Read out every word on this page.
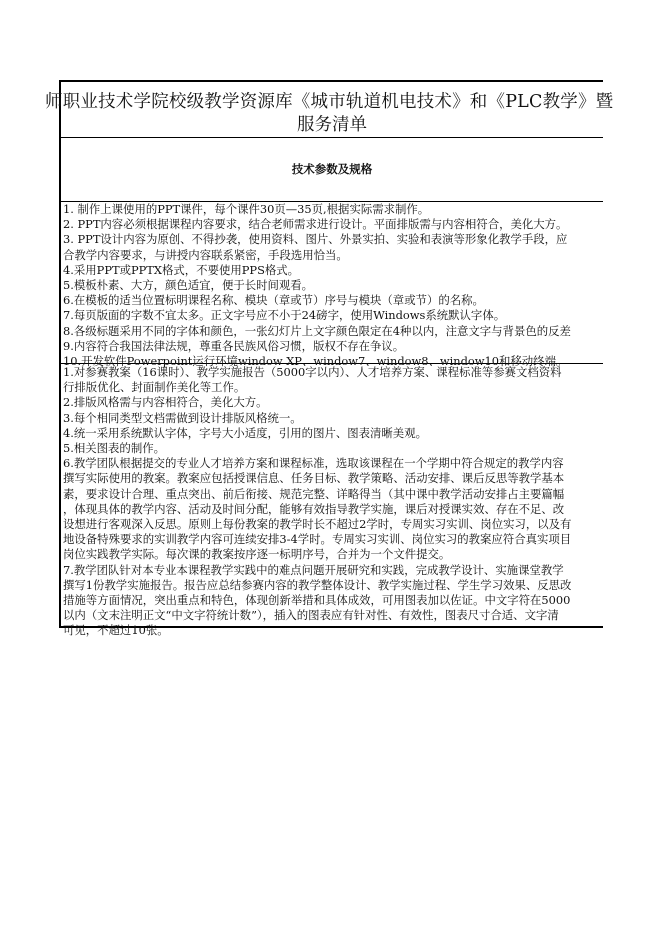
师职业技术学院校级教学资源库《城市轨道机电技术》和《PLC教学》暨
服务清单
技术参数及规格
1. 制作上课使用的PPT课件，每个课件30页—35页,根据实际需求制作。
2. PPT内容必须根据课程内容要求，结合老师需求进行设计。平面排版需与内容相符合，美化大方。
3. PPT设计内容为原创、不得抄袭，使用资料、图片、外景实拍、实验和表演等形象化教学手段，应
合教学内容要求，与讲授内容联系紧密，手段选用恰当。
4.采用PPT或PPTX格式，不要使用PPS格式。
5.模板朴素、大方，颜色适宜，便于长时间观看。
6.在模板的适当位置标明课程名称、模块（章或节）序号与模块（章或节）的名称。
7.每页版面的字数不宜太多。正文字号应不小于24磅字，使用Windows系统默认字体。
8.各级标题采用不同的字体和颜色，一张幻灯片上文字颜色限定在4种以内，注意文字与背景色的反差
9.内容符合我国法律法规，尊重各民族风俗习惯，版权不存在争议。
10.开发软件Powerpoint运行环境window XP、window7、window8、window10和移动终端。
1.对参赛教案（16课时）、教学实施报告（5000字以内）、人才培养方案、课程标准等参赛文档资料
行排版优化、封面制作美化等工作。
2.排版风格需与内容相符合，美化大方。
3.每个相同类型文档需做到设计排版风格统一。
4.统一采用系统默认字体，字号大小适度，引用的图片、图表清晰美观。
5.相关图表的制作。
6.教学团队根据提交的专业人才培养方案和课程标准，选取该课程在一个学期中符合规定的教学内容
撰写实际使用的教案。教案应包括授课信息、任务目标、教学策略、活动安排、课后反思等教学基本
素，要求设计合理、重点突出、前后衔接、规范完整、详略得当（其中课中教学活动安排占主要篇幅
，体现具体的教学内容、活动及时间分配，能够有效指导教学实施，课后对授课实效、存在不足、改
设想进行客观深入反思。原则上每份教案的教学时长不超过2学时，专周实习实训、岗位实习，以及有
地设备特殊要求的实训教学内容可连续安排3-4学时。专周实习实训、岗位实习的教案应符合真实项目
岗位实践教学实际。每次课的教案按序逐一标明序号，合并为一个文件提交。
7.教学团队针对本专业本课程教学实践中的难点问题开展研究和实践，完成教学设计、实施课堂教学
撰写1份教学实施报告。报告应总结参赛内容的教学整体设计、教学实施过程、学生学习效果、反思改
措施等方面情况，突出重点和特色，体现创新举措和具体成效，可用图表加以佐证。中文字符在5000
以内（文末注明正文“中文字符统计数”），插入的图表应有针对性、有效性，图表尺寸合适、文字清
可见，不超过10张。
